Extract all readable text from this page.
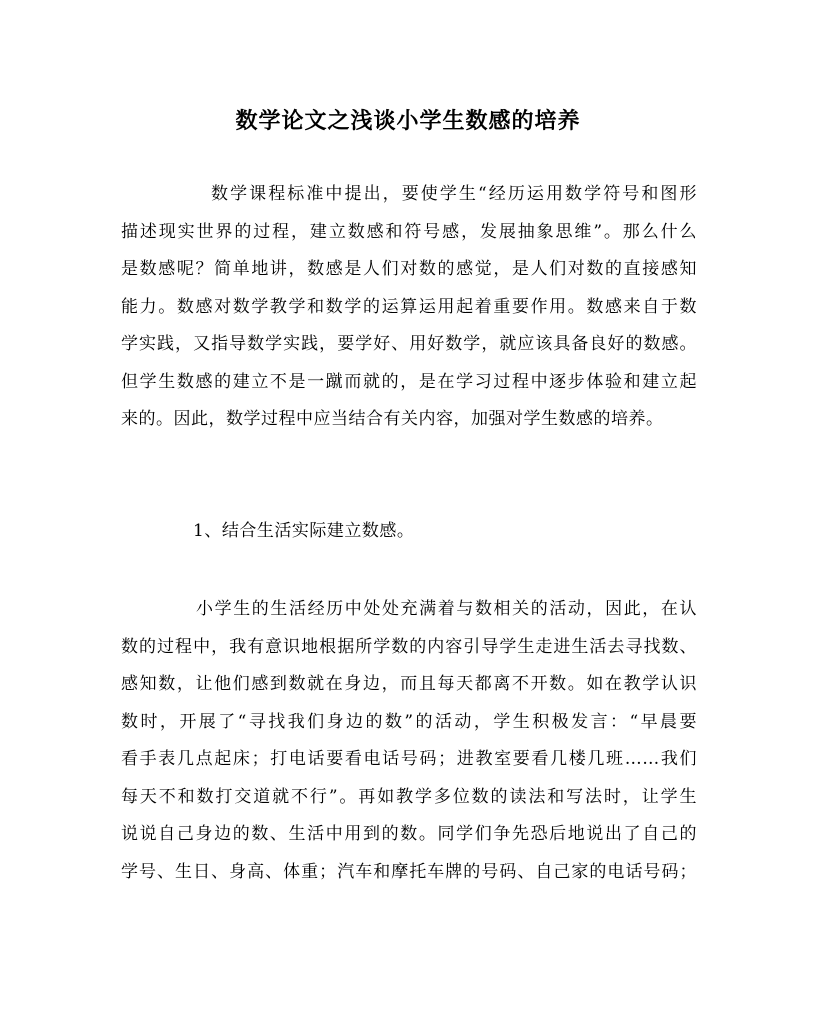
数学论文之浅谈小学生数感的培养
数学课程标准中提出，要使学生“经历运用数学符号和图形
描述现实世界的过程，建立数感和符号感，发展抽象思维”。那么什么
是数感呢？简单地讲，数感是人们对数的感觉，是人们对数的直接感知
能力。数感对数学教学和数学的运算运用起着重要作用。数感来自于数
学实践，又指导数学实践，要学好、用好数学，就应该具备良好的数感。
但学生数感的建立不是一蹴而就的，是在学习过程中逐步体验和建立起
来的。因此，数学过程中应当结合有关内容，加强对学生数感的培养。
1、结合生活实际建立数感。
小学生的生活经历中处处充满着与数相关的活动，因此，在认
数的过程中，我有意识地根据所学数的内容引导学生走进生活去寻找数、
感知数，让他们感到数就在身边，而且每天都离不开数。如在教学认识
数时，开展了“寻找我们身边的数”的活动，学生积极发言：“早晨要
看手表几点起床；打电话要看电话号码；进教室要看几楼几班……我们
每天不和数打交道就不行”。再如教学多位数的读法和写法时，让学生
说说自己身边的数、生活中用到的数。同学们争先恐后地说出了自己的
学号、生日、身高、体重；汽车和摩托车牌的号码、自己家的电话号码；
